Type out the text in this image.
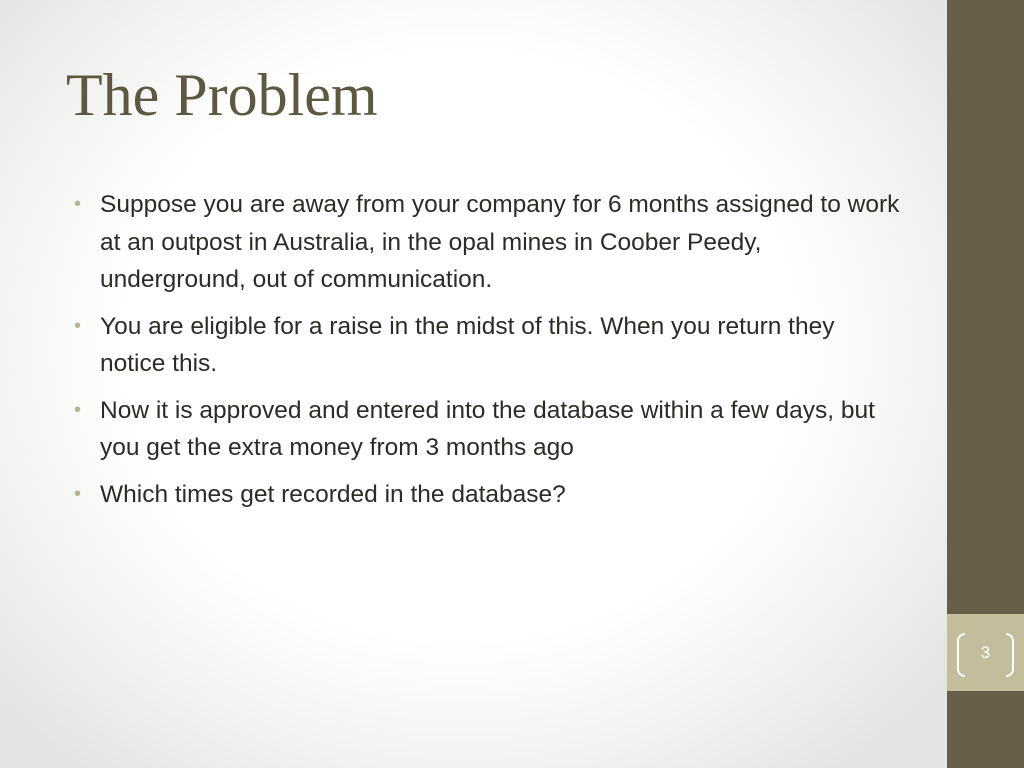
The Problem
• Suppose you are away from your company for 6 months assigned to work at an outpost in Australia, in the opal mines in Coober Peedy, underground, out of communication.
• You are eligible for a raise in the midst of this. When you return they notice this.
• Now it is approved and entered into the database within a few days, but you get the extra money from 3 months ago
• Which times get recorded in the database?
3
